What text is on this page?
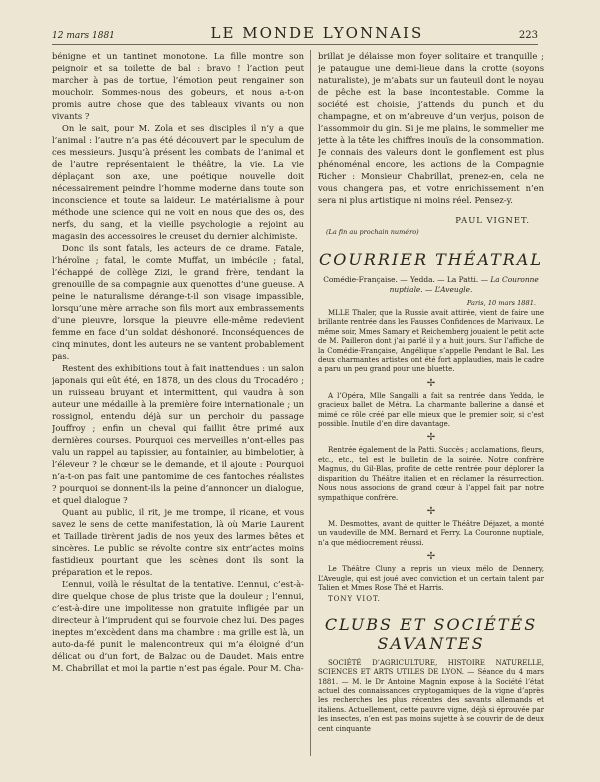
12 mars 1881	LE MONDE LYONNAIS	223

bénigne et un tantinet monotone. La fille montre son peignoir et sa toilette de bal : bravo ! l’action peut marcher à pas de tortue, l’émotion peut rengainer son mouchoir. Sommes-nous des gobeurs, et nous a-t-on promis autre chose que des tableaux vivants ou non vivants ?

On le sait, pour M. Zola et ses disciples il n’y a que l’animal : l’autre n’a pas été découvert par le speculum de ces messieurs. Jusqu’à présent les combats de l’animal et de l’autre représentaient le théâtre, la vie. La vie déplaçant son axe, une poétique nouvelle doit nécessairement peindre l’homme moderne dans toute son inconscience et toute sa laideur. Le matérialisme à pour méthode une science qui ne voit en nous que des os, des nerfs, du sang, et la vieille psychologie a rejoint au magasin des accessoires le creuset du dernier alchimiste.

Donc ils sont fatals, les acteurs de ce drame. Fatale, l’héroïne ; fatal, le comte Muffat, un imbécile ; fatal, l’échappé de collège Zizi, le grand frère, tendant la grenouille de sa compagnie aux quenottes d’une gueuse. A peine le naturalisme dérange-t-il son visage impassible, lorsqu’une mère arrache son fils mort aux embrassements d’une pieuvre, lorsque la pieuvre elle-même redevient femme en face d’un soldat déshonoré. Inconséquences de cinq minutes, dont les auteurs ne se vantent probablement pas.

Restent des exhibitions tout à fait inattendues : un salon japonais qui eût été, en 1878, un des clous du Trocadéro ; un ruisseau bruyant et intermittent, qui vaudra à son auteur une médaille à la première foire internationale ; un rossignol, entendu déjà sur un perchoir du passage Jouffroy ; enfin un cheval qui faillit être primé aux dernières courses. Pourquoi ces merveilles n’ont-elles pas valu un rappel au tapissier, au fontainier, au bimbelotier, à l’éleveur ? le chœur se le demande, et il ajoute : Pourquoi n’a-t-on pas fait une pantomime de ces fantoches réalistes ? pourquoi se donnent-ils la peine d’annoncer un dialogue, et quel dialogue ?

Quant au public, il rit, je me trompe, il ricane, et vous savez le sens de cette manifestation, là où Marie Laurent et Taillade tirèrent jadis de nos yeux des larmes bêtes et sincères. Le public se révolte contre six entr’actes moins fastidieux pourtant que les scènes dont ils sont la préparation et le repos.

L’ennui, voilà le résultat de la tentative. L’ennui, c’est-à-dire quelque chose de plus triste que la douleur ; l’ennui, c’est-à-dire une impolitesse non gratuite infligée par un directeur à l’imprudent qui se fourvoie chez lui. Des pages ineptes m’excèdent dans ma chambre : ma grille est là, un auto-da-fé punit le malencontreux qui m’a éloigné d’un délicat ou d’un fort, de Balzac ou de Daudet. Mais entre M. Chabrillat et moi la partie n’est pas égale. Pour M. Cha-

brillat je délaisse mon foyer solitaire et tranquille ; je pataugue une demi-lieue dans la crotte (soyons naturaliste), je m’abats sur un fauteuil dont le noyau de pêche est la base incontestable. Comme la société est choisie, j’attends du punch et du champagne, et on m’abreuve d’un verjus, poison de l’assommoir du gin. Si je me plains, le sommelier me jette à la tête les chiffres inouïs de la consommation. Je connais des valeurs dont le gonflement est plus phénoménal encore, les actions de la Compagnie Richer : Monsieur Chabrillat, prenez-en, cela ne vous changera pas, et votre enrichissement n’en sera ni plus artistique ni moins réel. Pensez-y.

PAUL VIGNET.
(La fin au prochain numéro)
COURRIER THÉATRAL

Comédie-Française. — Yedda. — La Patti. — La Couronne nuptiale. — L’Aveugle.

Paris, 10 mars 1881.

MLLE Thaler, que la Russie avait attirée, vient de faire une brillante rentrée dans les Fausses Confidences de Marivaux. Le même soir, Mmes Samary et Reichemberg jouaient le petit acte de M. Pailleron dont j’ai parlé il y a huit jours. Sur l’affiche de la Comédie-Française, Angélique s’appelle Pendant le Bal. Les deux charmantes artistes ont été fort applaudies, mais le cadre a paru un peu grand pour une bluette.

✢

A l’Opéra, Mlle Sangalli a fait sa rentrée dans Yedda, le gracieux ballet de Métra. La charmante ballerine a dansé et mimé ce rôle créé par elle mieux que le premier soir, si c’est possible. Inutile d’en dire davantage.

✢

Rentrée également de la Patti. Succès ; acclamations, fleurs, etc., etc., tel est le bulletin de la soirée. Notre confrère Magnus, du Gil-Blas, profite de cette rentrée pour déplorer la disparition du Théâtre italien et en réclamer la résurrection. Nous nous associons de grand cœur à l’appel fait par notre sympathique confrère.

✢

M. Desmottes, avant de quitter le Théâtre Déjazet, a monté un vaudeville de MM. Bernard et Ferry. La Couronne nuptiale, n’a que médiocrement réussi.

✢

Le Théâtre Cluny a repris un vieux mélo de Dennery, L’Aveugle, qui est joué avec conviction et un certain talent par Talien et Mmes Rose Thé et Harris.

TONY VIOT.
CLUBS ET SOCIÉTÉS SAVANTES

SOCIÉTÉ D’AGRICULTURE, HISTOIRE NATURELLE, SCIENCES ET ARTS UTILES DE LYON. — Séance du 4 mars 1881. — M. le Dr Antoine Magnin expose à la Société l’état actuel des connaissances cryptogamiques de la vigne d’après les recherches les plus récentes des savants allemands et italiens. Actuellement, cette pauvre vigne, déjà si éprouvée par les insectes, n’en est pas moins sujette à se couvrir de de deux cent cinquante
